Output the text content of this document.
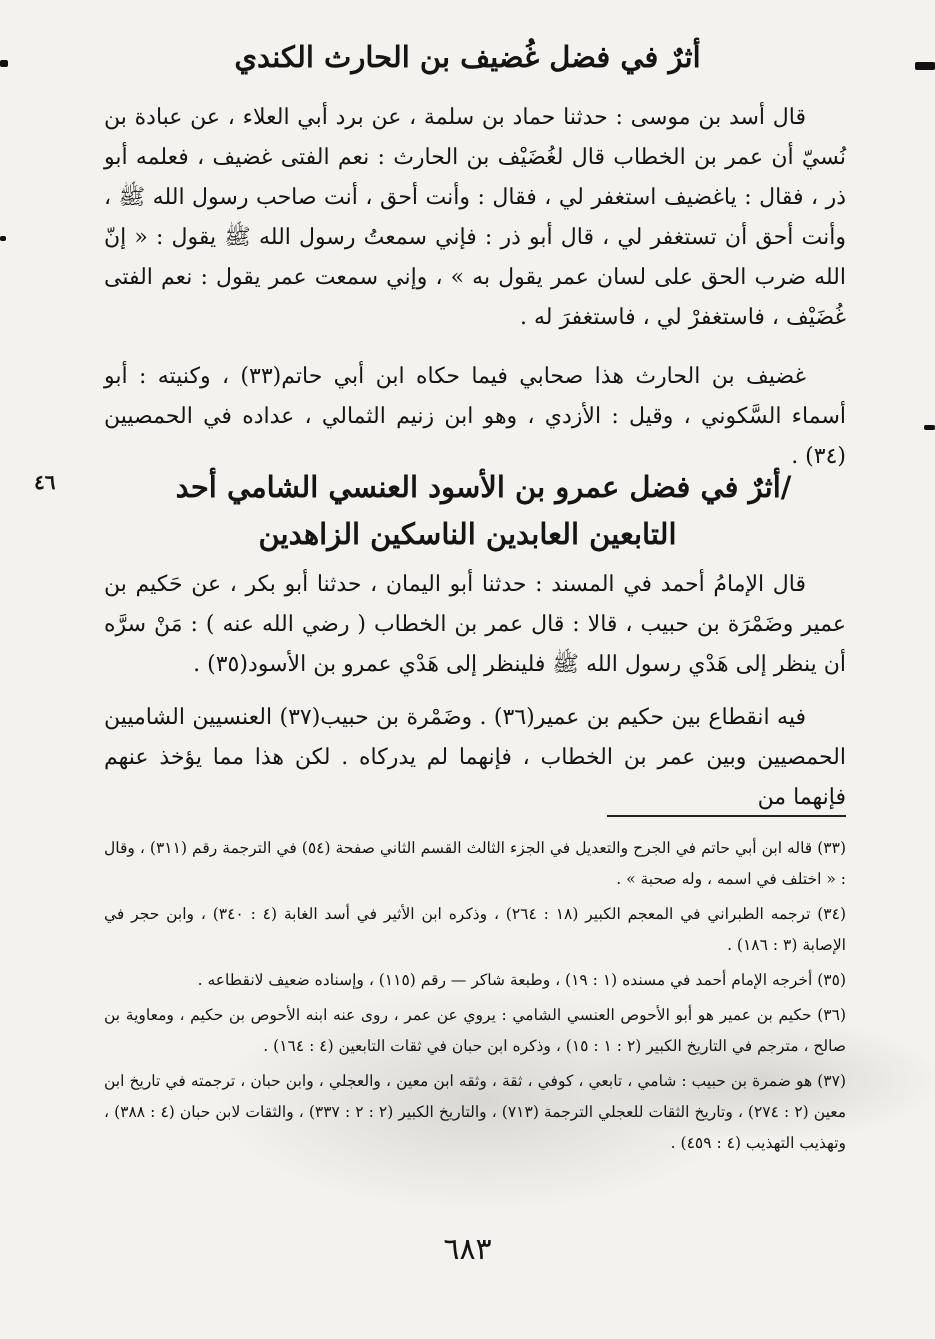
أثرٌ في فضل غُضيف بن الحارث الكندي

قال أسد بن موسى : حدثنا حماد بن سلمة ، عن برد أبي العلاء ، عن عبادة بن نُسيّ أن عمر بن الخطاب قال لغُضَيْف بن الحارث : نعم الفتى غضيف ، فعلمه أبو ذر ، فقال : ياغضيف استغفر لي ، فقال : وأنت أحق ، أنت صاحب رسول الله ﷺ ، وأنت أحق أن تستغفر لي ، قال أبو ذر : فإني سمعتُ رسول الله ﷺ يقول : « إنّ الله ضرب الحق على لسان عمر يقول به » ، وإني سمعت عمر يقول : نعم الفتى غُضَيْف ، فاستغفرْ لي ، فاستغفرَ له .

غضيف بن الحارث هذا صحابي فيما حكاه ابن أبي حاتم(٣٣) ، وكنيته : أبو أسماء السَّكوني ، وقيل : الأزدي ، وهو ابن زنيم الثمالي ، عداده في الحمصيين (٣٤) .

٤٦	/أثرٌ في فضل عمرو بن الأسود العنسي الشامي أحد
التابعين العابدين الناسكين الزاهدين

قال الإمامُ أحمد في المسند : حدثنا أبو اليمان ، حدثنا أبو بكر ، عن حَكيم بن عمير وضَمْرَة بن حبيب ، قالا : قال عمر بن الخطاب ( رضي الله عنه ) : مَنْ سرَّه أن ينظر إلى هَدْي رسول الله ﷺ فلينظر إلى هَدْي عمرو بن الأسود(٣٥) .

فيه انقطاع بين حكيم بن عمير(٣٦) . وضَمْرة بن حبيب(٣٧) العنسيين الشاميين الحمصيين وبين عمر بن الخطاب ، فإنهما لم يدركاه . لكن هذا مما يؤخذ عنهم فإنهما من

(٣٣) قاله ابن أبي حاتم في الجرح والتعديل في الجزء الثالث القسم الثاني صفحة (٥٤) في الترجمة رقم (٣١١) ، وقال : « اختلف في اسمه ، وله صحبة » .

(٣٤) ترجمه الطبراني في المعجم الكبير (١٨ : ٢٦٤) ، وذكره ابن الأثير في أسد الغابة (٤ : ٣٤٠) ، وابن حجر في الإصابة (٣ : ١٨٦) .

(٣٥) أخرجه الإمام أحمد في مسنده (١ : ١٩) ، وطبعة شاكر — رقم (١١٥) ، وإسناده ضعيف لانقطاعه .

(٣٦) حكيم بن عمير هو أبو الأحوص العنسي الشامي : يروي عن عمر ، روى عنه ابنه الأحوص بن حكيم ، ومعاوية بن صالح ، مترجم في التاريخ الكبير (٢ : ١ : ١٥) ، وذكره ابن حبان في ثقات التابعين (٤ : ١٦٤) .

(٣٧) هو ضمرة بن حبيب : شامي ، تابعي ، كوفي ، ثقة ، وثقه ابن معين ، والعجلي ، وابن حبان ، ترجمته في تاريخ ابن معين (٢ : ٢٧٤) ، وتاريخ الثقات للعجلي الترجمة (٧١٣) ، والتاريخ الكبير (٢ : ٢ : ٣٣٧) ، والثقات لابن حبان (٤ : ٣٨٨) ، وتهذيب التهذيب (٤ : ٤٥٩) .

٦٨٣
